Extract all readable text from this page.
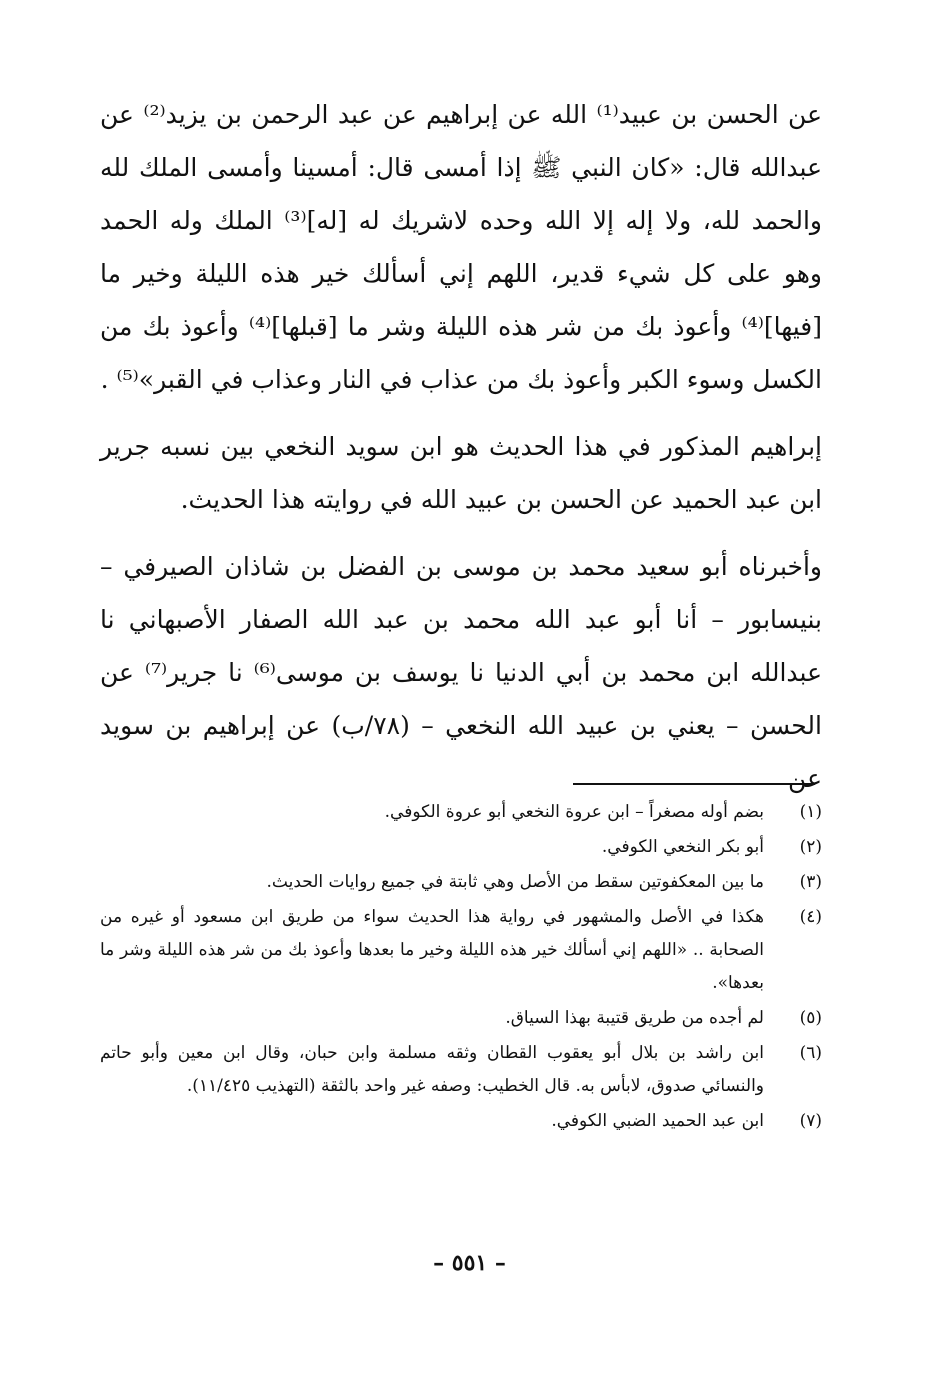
عن الحسن بن عبيد⁽¹⁾ الله عن إبراهيم عن عبد الرحمن بن يزيد⁽²⁾ عن عبدالله قال: «كان النبي ﷺ إذا أمسى قال: أمسينا وأمسى الملك لله والحمد لله، ولا إله إلا الله وحده لاشريك له [له]⁽³⁾ الملك وله الحمد وهو على كل شيء قدير، اللهم إني أسألك خير هذه الليلة وخير ما [فيها]⁽⁴⁾ وأعوذ بك من شر هذه الليلة وشر ما [قبلها]⁽⁴⁾ وأعوذ بك من الكسل وسوء الكبر وأعوذ بك من عذاب في النار وعذاب في القبر»⁽⁵⁾ .

إبراهيم المذكور في هذا الحديث هو ابن سويد النخعي بين نسبه جرير ابن عبد الحميد عن الحسن بن عبيد الله في روايته هذا الحديث.

وأخبرناه أبو سعيد محمد بن موسى بن الفضل بن شاذان الصيرفي – بنيسابور – أنا أبو عبد الله محمد بن عبد الله الصفار الأصبهاني نا عبدالله ابن محمد بن أبي الدنيا نا يوسف بن موسى⁽⁶⁾ نا جرير⁽⁷⁾ عن الحسن – يعني بن عبيد الله النخعي – (٧٨/ب) عن إبراهيم بن سويد عن

(١)
بضم أوله مصغراً – ابن عروة النخعي أبو عروة الكوفي.
(٢)
أبو بكر النخعي الكوفي.
(٣)
ما بين المعكفوتين سقط من الأصل وهي ثابتة في جميع روايات الحديث.
(٤)
هكذا في الأصل والمشهور في رواية هذا الحديث سواء من طريق ابن مسعود أو غيره من الصحابة .. «اللهم إني أسألك خير هذه الليلة وخير ما بعدها وأعوذ بك من شر هذه الليلة وشر ما بعدها».
(٥)
لم أجده من طريق قتيبة بهذا السياق.
(٦)
ابن راشد بن بلال أبو يعقوب القطان وثقه مسلمة وابن حبان، وقال ابن معين وأبو حاتم والنسائي صدوق، لابأس به. قال الخطيب: وصفه غير واحد بالثقة (التهذيب ١١/٤٢٥).
(٧)
ابن عبد الحميد الضبي الكوفي.
– ٥٥١ –
